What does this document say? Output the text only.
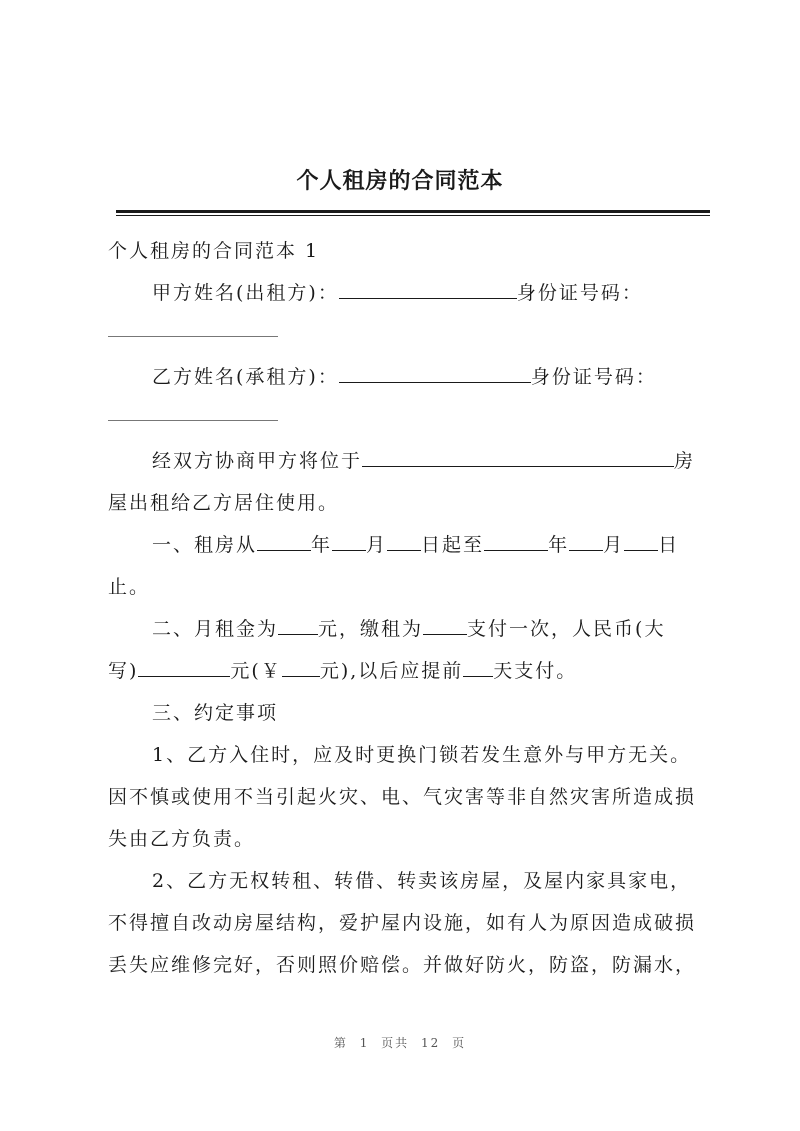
个人租房的合同范本
个人租房的合同范本 1
甲方姓名(出租方)：	身份证号码：
乙方姓名(承租方)：	身份证号码：
经双方协商甲方将位于	房
屋出租给乙方居住使用。
一、租房从	年 月 日起至	年 月 日
止。
二、月租金为 元，缴租为 支付一次，人民币(大
写)	元(￥ 元),以后应提前 天支付。
三、约定事项
1、乙方入住时，应及时更换门锁若发生意外与甲方无关。
因不慎或使用不当引起火灾、电、气灾害等非自然灾害所造成损
失由乙方负责。
2、乙方无权转租、转借、转卖该房屋，及屋内家具家电，
不得擅自改动房屋结构，爱护屋内设施，如有人为原因造成破损
丢失应维修完好，否则照价赔偿。并做好防火，防盗，防漏水，
第 1 页共 12 页
